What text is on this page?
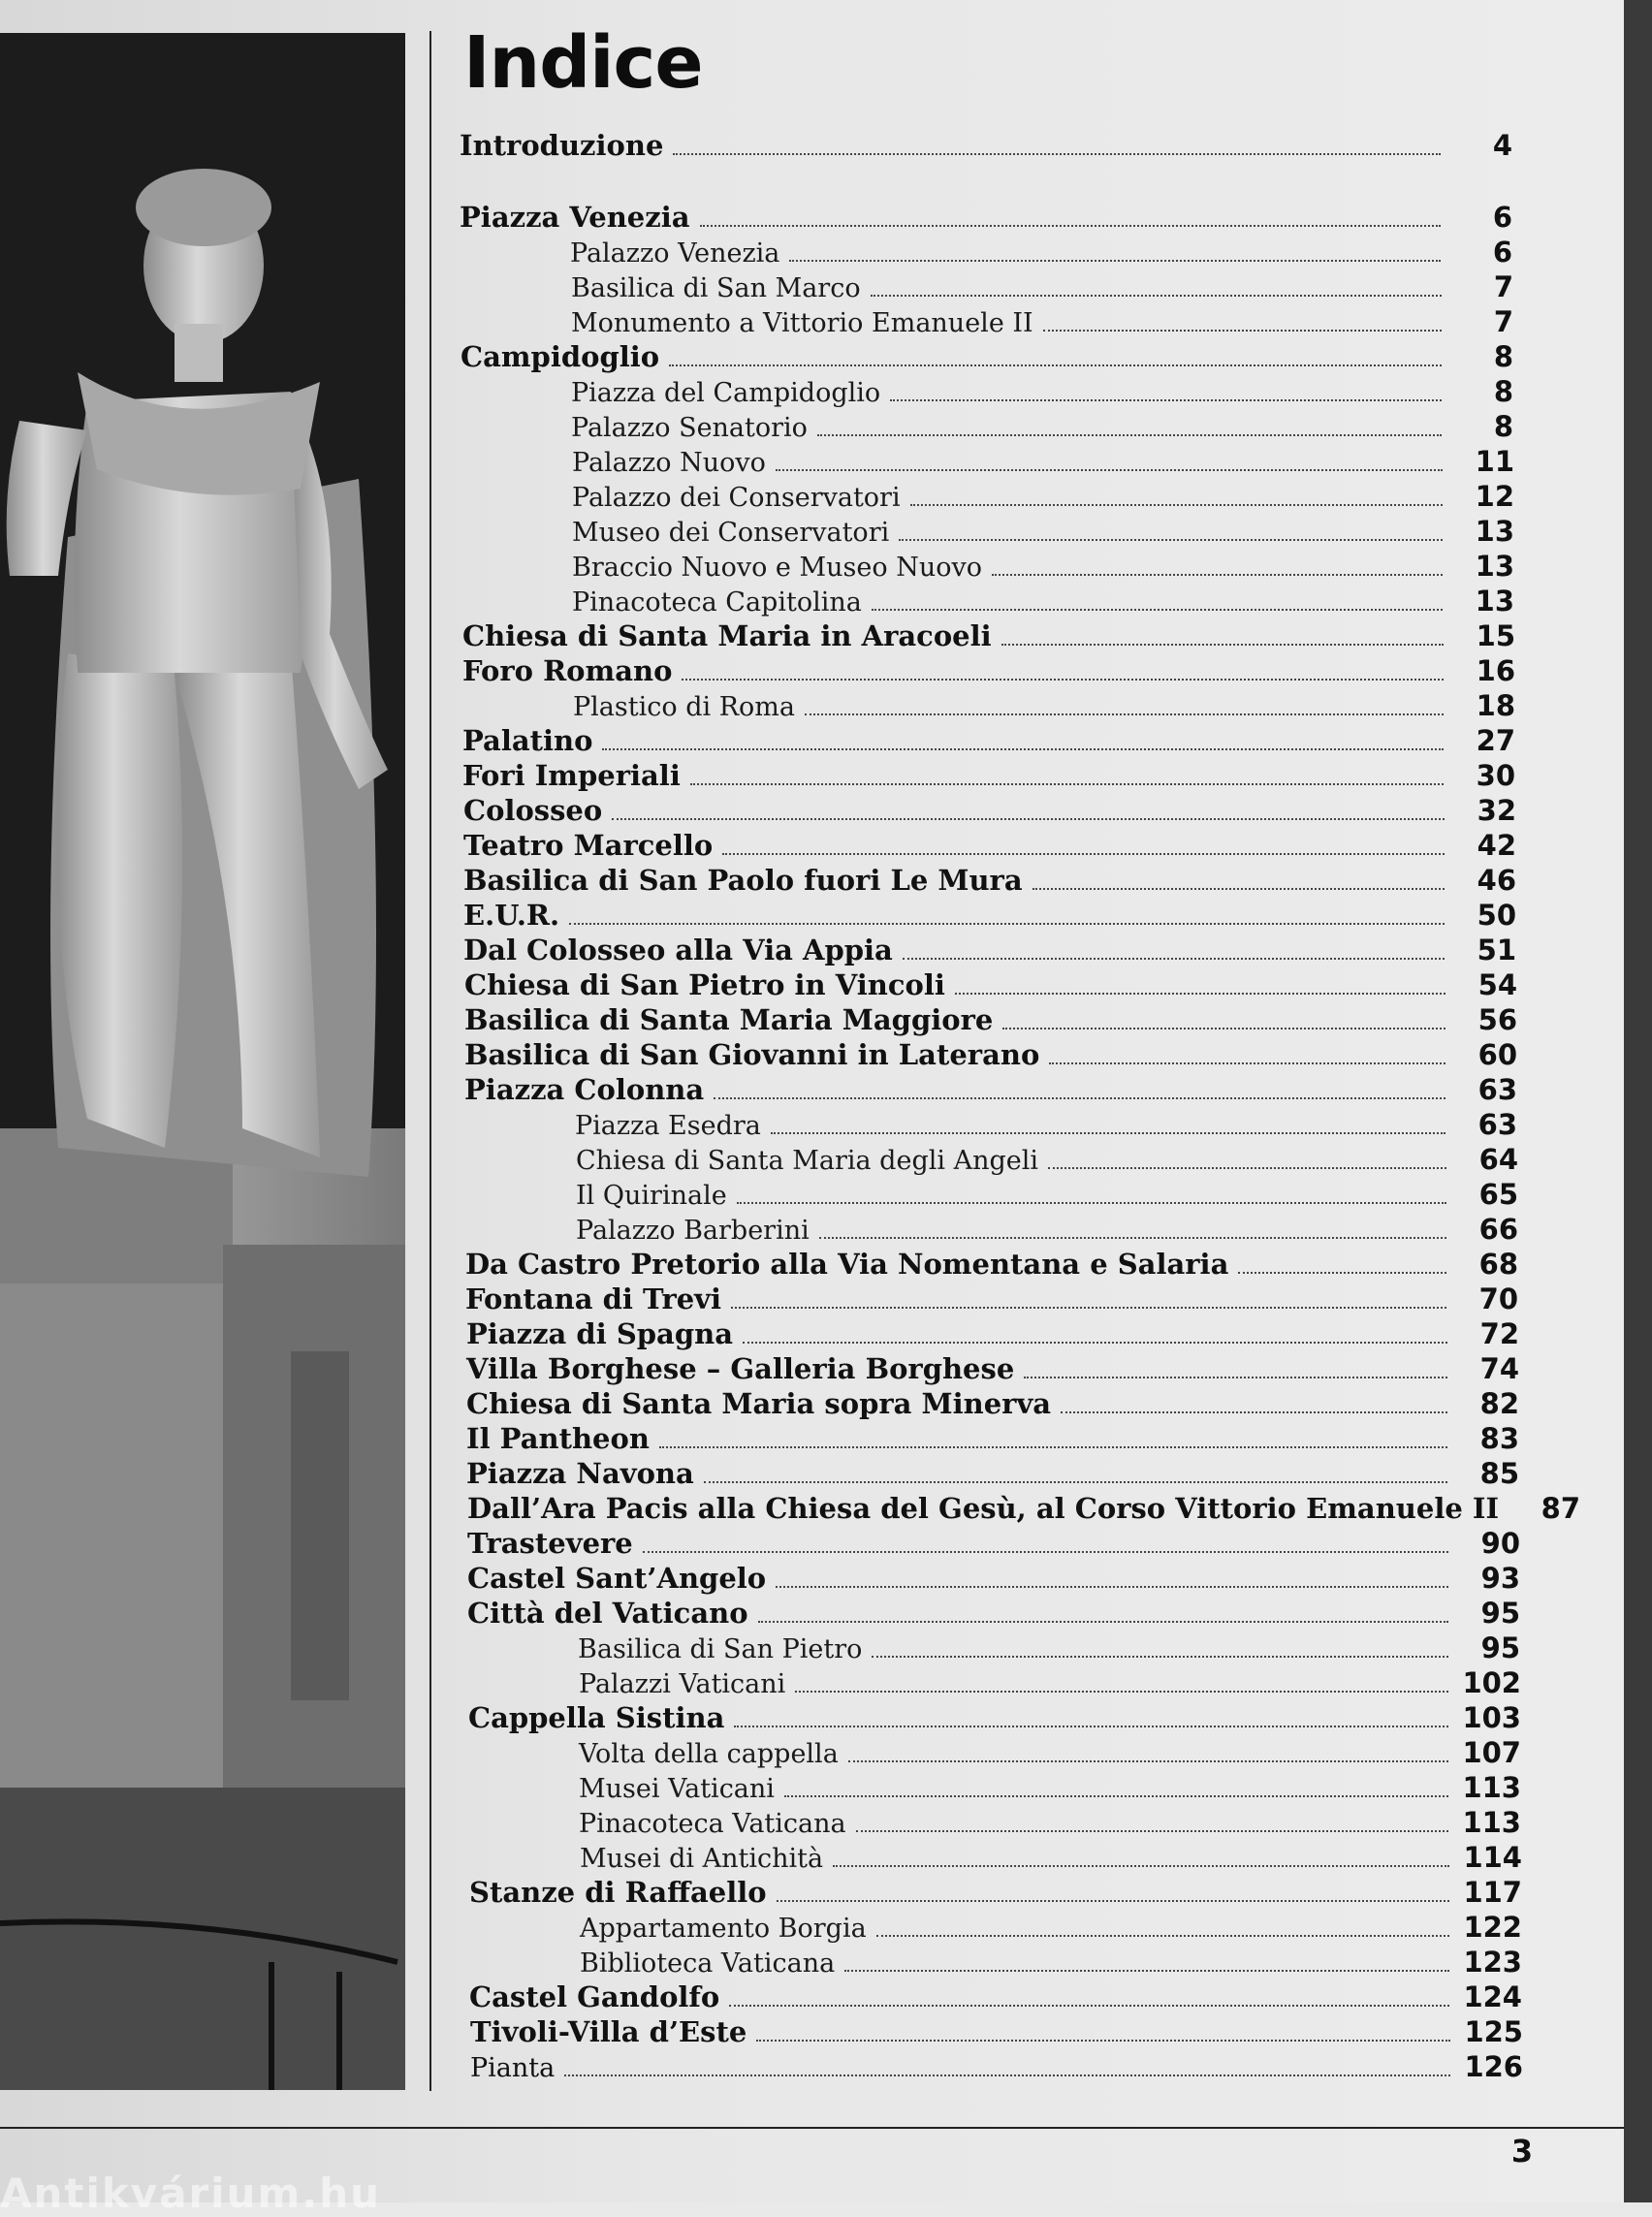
Indice
Introduzione	4
Piazza Venezia	6
Palazzo Venezia	6
Basilica di San Marco	7
Monumento a Vittorio Emanuele II	7
Campidoglio	8
Piazza del Campidoglio	8
Palazzo Senatorio	8
Palazzo Nuovo	11
Palazzo dei Conservatori	12
Museo dei Conservatori	13
Braccio Nuovo e Museo Nuovo	13
Pinacoteca Capitolina	13
Chiesa di Santa Maria in Aracoeli	15
Foro Romano	16
Plastico di Roma	18
Palatino	27
Fori Imperiali	30
Colosseo	32
Teatro Marcello	42
Basilica di San Paolo fuori Le Mura	46
E.U.R.	50
Dal Colosseo alla Via Appia	51
Chiesa di San Pietro in Vincoli	54
Basilica di Santa Maria Maggiore	56
Basilica di San Giovanni in Laterano	60
Piazza Colonna	63
Piazza Esedra	63
Chiesa di Santa Maria degli Angeli	64
Il Quirinale	65
Palazzo Barberini	66
Da Castro Pretorio alla Via Nomentana e Salaria	68
Fontana di Trevi	70
Piazza di Spagna	72
Villa Borghese – Galleria Borghese	74
Chiesa di Santa Maria sopra Minerva	82
Il Pantheon	83
Piazza Navona	85
Dall’Ara Pacis alla Chiesa del Gesù, al Corso Vittorio Emanuele II	87
Trastevere	90
Castel Sant’Angelo	93
Città del Vaticano	95
Basilica di San Pietro	95
Palazzi Vaticani	102
Cappella Sistina	103
Volta della cappella	107
Musei Vaticani	113
Pinacoteca Vaticana	113
Musei di Antichità	114
Stanze di Raffaello	117
Appartamento Borgia	122
Biblioteca Vaticana	123
Castel Gandolfo	124
Tivoli-Villa d’Este	125
Pianta	126
3
Antikvárium.hu
